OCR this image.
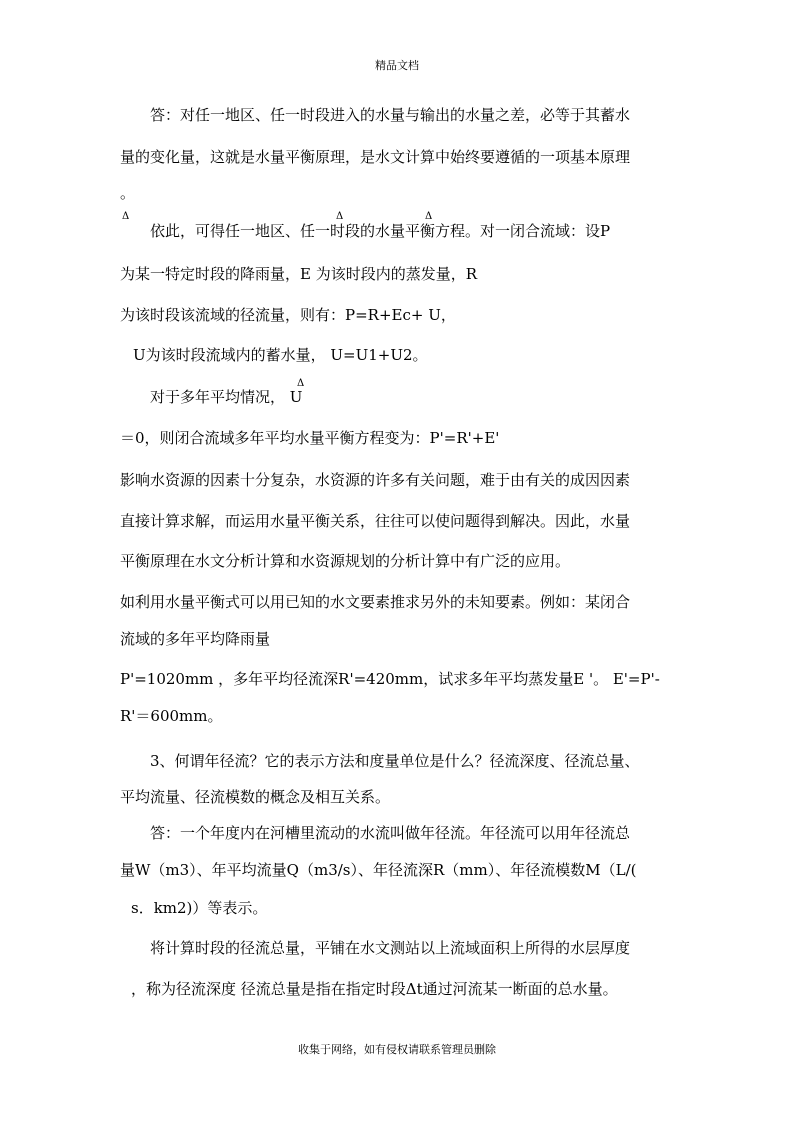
精品文档
答：对任一地区、任一时段进入的水量与输出的水量之差，必等于其蓄水
量的变化量，这就是水量平衡原理，是水文计算中始终要遵循的一项基本原理
。
Δ	Δ	Δ
依此，可得任一地区、任一时段的水量平衡方程。对一闭合流域：设P
为某一特定时段的降雨量，E 为该时段内的蒸发量，R
为该时段该流域的径流量，则有：P=R+Ec+ U，
U为该时段流域内的蓄水量， U=U1+U2。
Δ
对于多年平均情况， U
＝0，则闭合流域多年平均水量平衡方程变为：P'=R'+E'
影响水资源的因素十分复杂，水资源的许多有关问题，难于由有关的成因因素
直接计算求解，而运用水量平衡关系，往往可以使问题得到解决。因此，水量
平衡原理在水文分析计算和水资源规划的分析计算中有广泛的应用。
如利用水量平衡式可以用已知的水文要素推求另外的未知要素。例如：某闭合
流域的多年平均降雨量
P'=1020mm ，多年平均径流深R'=420mm，试求多年平均蒸发量E '。 E'=P'-
R'＝600mm。
3、何谓年径流？它的表示方法和度量单位是什么？径流深度、径流总量、
平均流量、径流模数的概念及相互关系。
答：一个年度内在河槽里流动的水流叫做年径流。年径流可以用年径流总
量W（m3）、年平均流量Q（m3/s）、年径流深R（mm）、年径流模数M（L/(
s．km2)）等表示。
将计算时段的径流总量，平铺在水文测站以上流域面积上所得的水层厚度
，称为径流深度 径流总量是指在指定时段Δt通过河流某一断面的总水量。
收集于网络，如有侵权请联系管理员删除
